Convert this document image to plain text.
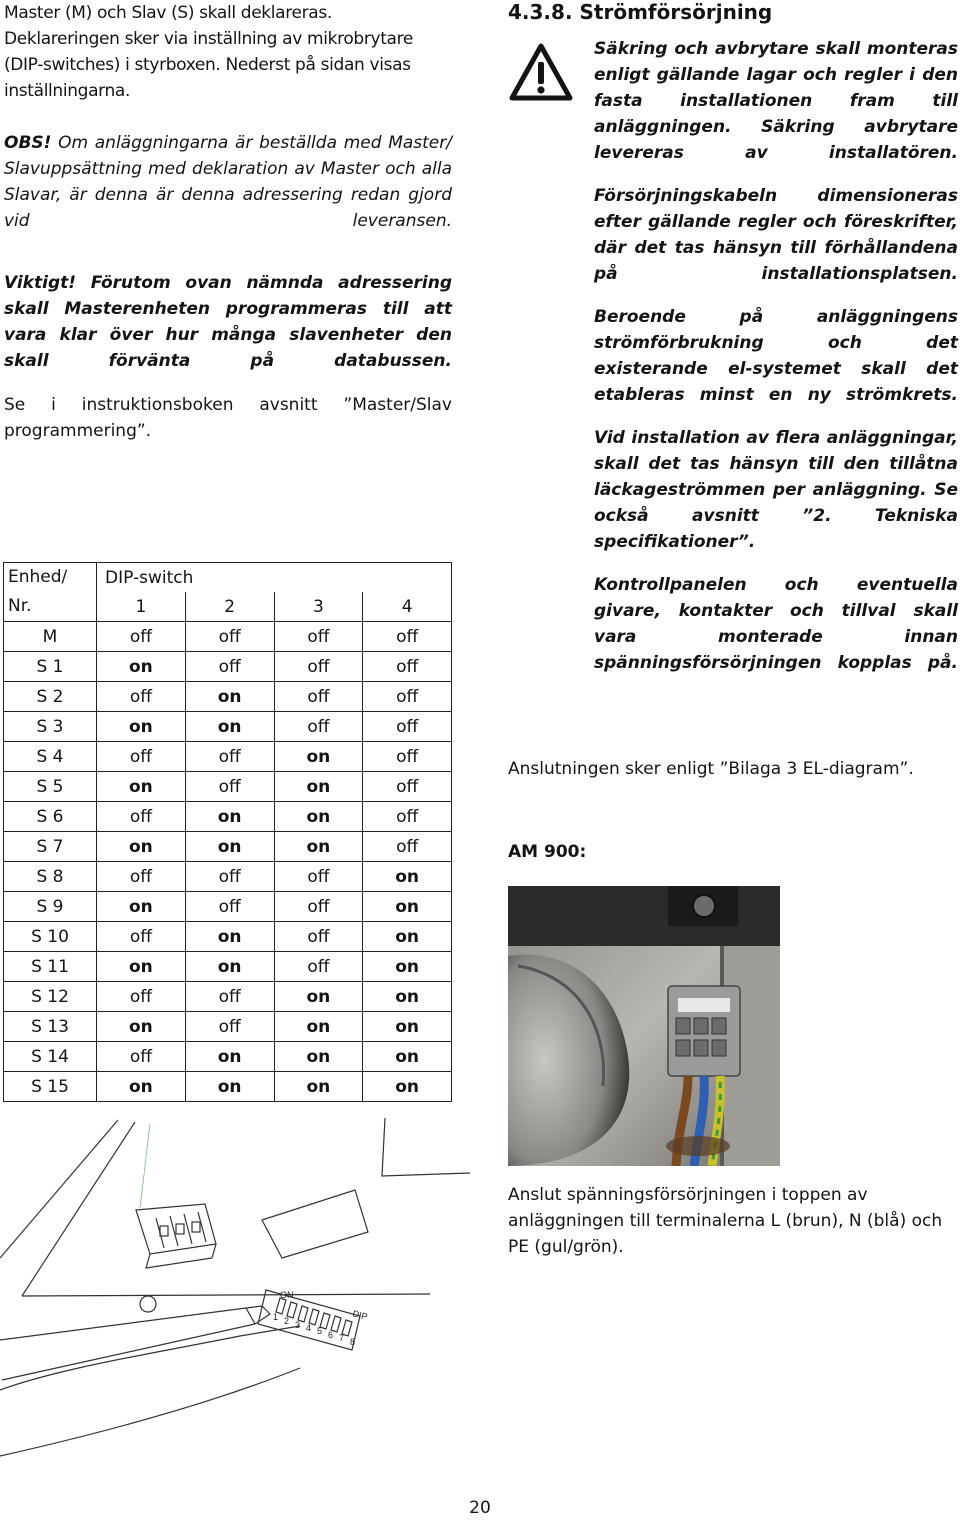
Master (M) och Slav (S) skall deklareras. Deklareringen sker via inställning av mikrobrytare (DIP-switches) i styrboxen. Nederst på sidan visas inställningarna.

OBS! Om anläggningarna är beställda med Master/ Slavuppsättning med deklaration av Master och alla Slavar, är denna är denna adressering redan gjord vid leveransen.

Viktigt! Förutom ovan nämnda adressering skall Masterenheten programmeras till att vara klar över hur många slavenheter den skall förvänta på databussen.

Se i instruktionsboken avsnitt ”Master/Slav programmering”.

Enhed/ Nr.	DIP-switch			
	1	2	3	4
M	off	off	off	off
S 1	on	off	off	off
S 2	off	on	off	off
S 3	on	on	off	off
S 4	off	off	on	off
S 5	on	off	on	off
S 6	off	on	on	off
S 7	on	on	on	off
S 8	off	off	off	on
S 9	on	off	off	on
S 10	off	on	off	on
S 11	on	on	off	on
S 12	off	off	on	on
S 13	on	off	on	on
S 14	off	on	on	on
S 15	on	on	on	on
ON
DIP
2 3 4 5 6 7 8
1
4.3.8. Strömförsörjning

Säkring och avbrytare skall monteras enligt gällande lagar och regler i den fasta installationen fram till anläggningen. Säkring avbrytare levereras av installatören.

Försörjningskabeln dimensioneras efter gällande regler och föreskrifter, där det tas hänsyn till förhållandena på installationsplatsen.

Beroende på anläggningens strömförbrukning och det existerande el-systemet skall det etableras minst en ny strömkrets.

Vid installation av flera anläggningar, skall det tas hänsyn till den tillåtna läckageströmmen per anläggning. Se också avsnitt ”2. Tekniska specifikationer”.

Kontrollpanelen och eventuella givare, kontakter och tillval skall vara monterade innan spänningsförsörjningen kopplas på.

Anslutningen sker enligt ”Bilaga 3 EL-diagram”.

AM 900:

Anslut spänningsförsörjningen i toppen av anläggningen till terminalerna L (brun), N (blå) och PE (gul/grön).

20
